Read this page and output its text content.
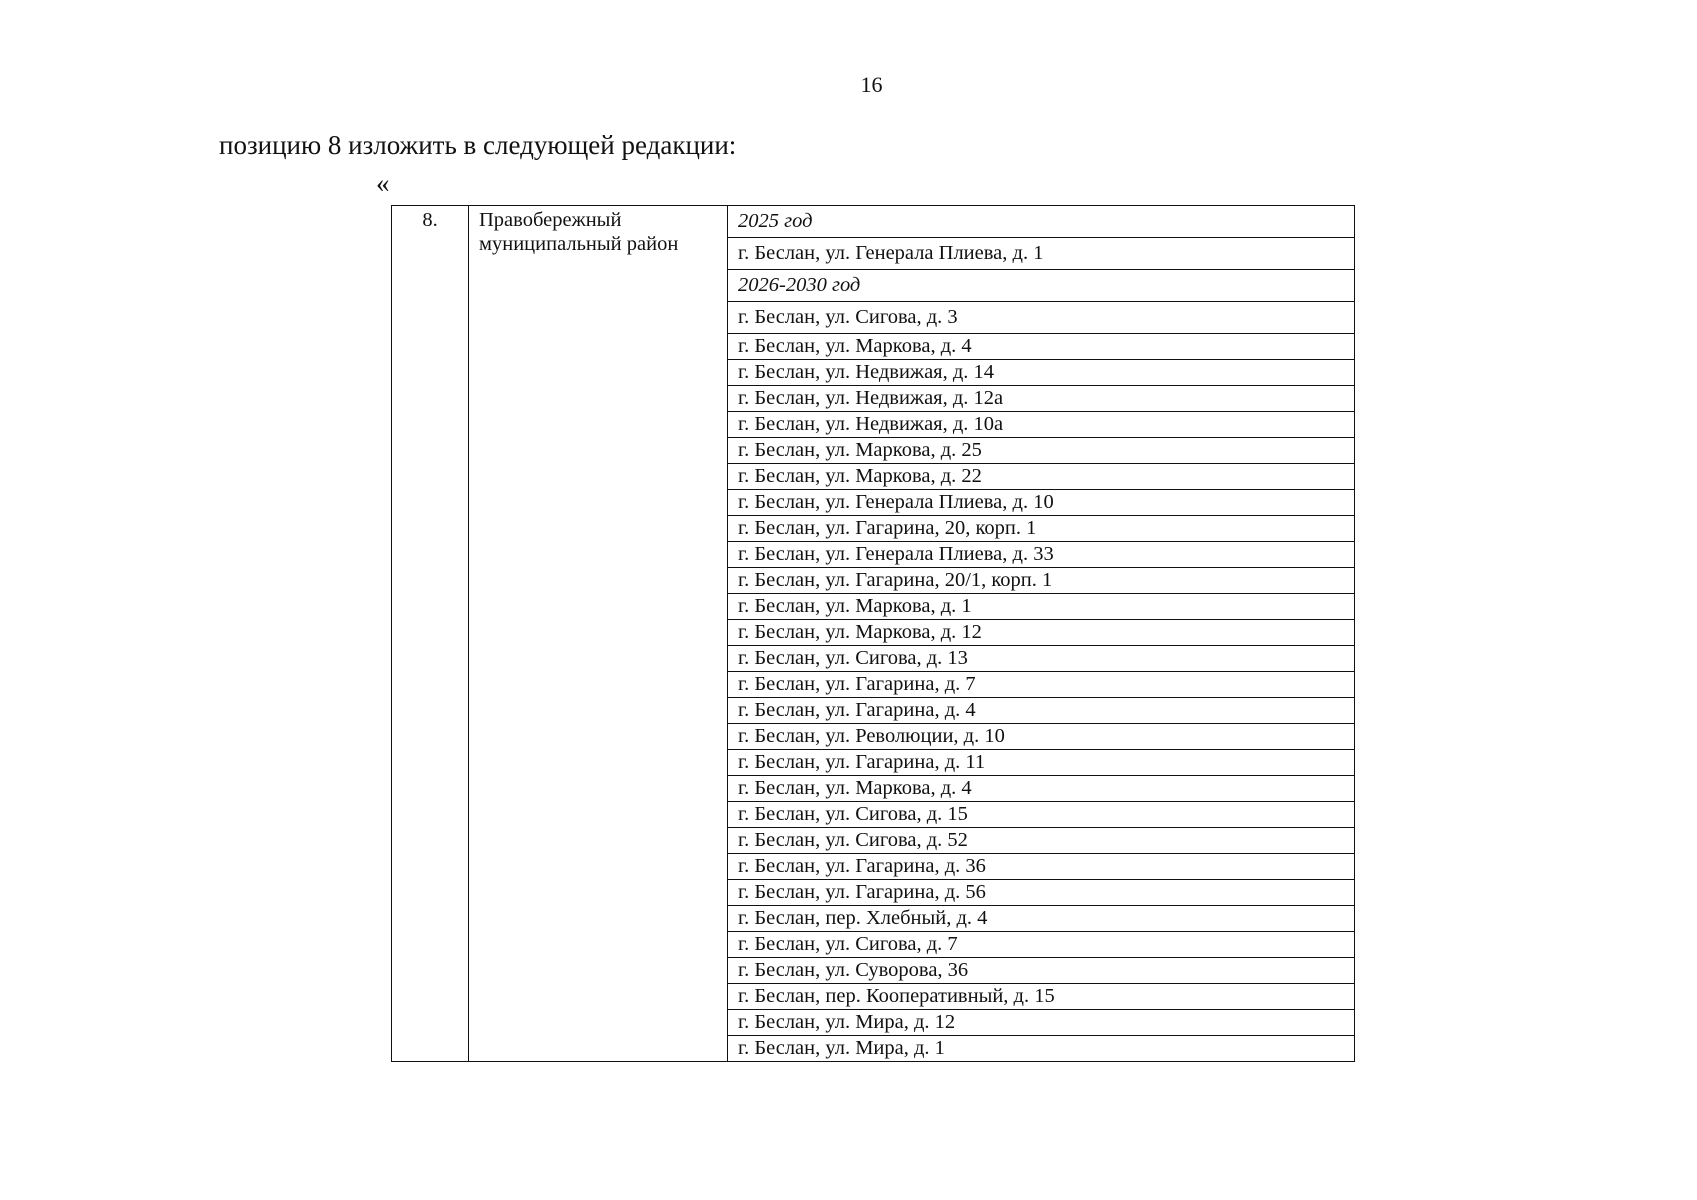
16
позицию 8 изложить в следующей редакции:
«
8.	Правобережный муниципальный район	2025 год
г. Беслан, ул. Генерала Плиева, д. 1
2026-2030 год
г. Беслан, ул. Сигова, д. 3
г. Беслан, ул. Маркова, д. 4
г. Беслан, ул. Недвижая, д. 14
г. Беслан, ул. Недвижая, д. 12а
г. Беслан, ул. Недвижая, д. 10а
г. Беслан, ул. Маркова, д. 25
г. Беслан, ул. Маркова, д. 22
г. Беслан, ул. Генерала Плиева, д. 10
г. Беслан, ул. Гагарина, 20, корп. 1
г. Беслан, ул. Генерала Плиева, д. 33
г. Беслан, ул. Гагарина, 20/1, корп. 1
г. Беслан, ул. Маркова, д. 1
г. Беслан, ул. Маркова, д. 12
г. Беслан, ул. Сигова, д. 13
г. Беслан, ул. Гагарина, д. 7
г. Беслан, ул. Гагарина, д. 4
г. Беслан, ул. Революции, д. 10
г. Беслан, ул. Гагарина, д. 11
г. Беслан, ул. Маркова, д. 4
г. Беслан, ул. Сигова, д. 15
г. Беслан, ул. Сигова, д. 52
г. Беслан, ул. Гагарина, д. 36
г. Беслан, ул. Гагарина, д. 56
г. Беслан, пер. Хлебный, д. 4
г. Беслан, ул. Сигова, д. 7
г. Беслан, ул. Суворова, 36
г. Беслан, пер. Кооперативный, д. 15
г. Беслан, ул. Мира, д. 12
г. Беслан, ул. Мира, д. 1
